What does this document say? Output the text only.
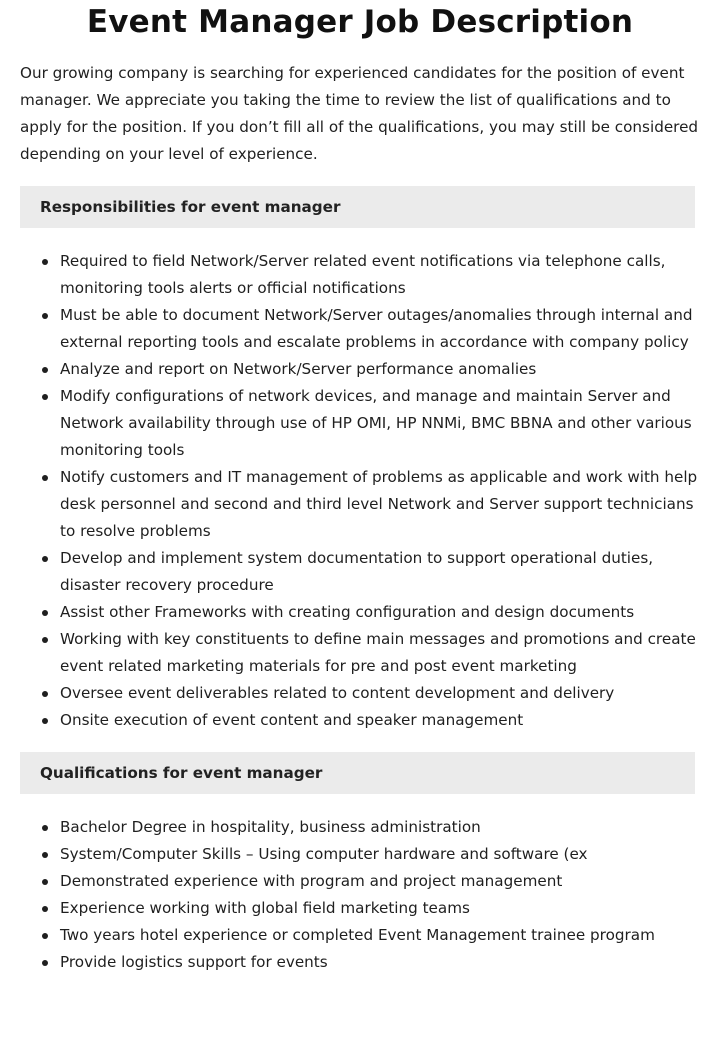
Event Manager Job Description

Our growing company is searching for experienced candidates for the position of event manager. We appreciate you taking the time to review the list of qualifications and to apply for the position. If you don’t fill all of the qualifications, you may still be considered depending on your level of experience.

Responsibilities for event manager
Required to field Network/Server related event notifications via telephone calls, monitoring tools alerts or official notifications
Must be able to document Network/Server outages/anomalies through internal and external reporting tools and escalate problems in accordance with company policy
Analyze and report on Network/Server performance anomalies
Modify configurations of network devices, and manage and maintain Server and Network availability through use of HP OMI, HP NNMi, BMC BBNA and other various monitoring tools
Notify customers and IT management of problems as applicable and work with help desk personnel and second and third level Network and Server support technicians to resolve problems
Develop and implement system documentation to support operational duties, disaster recovery procedure
Assist other Frameworks with creating configuration and design documents
Working with key constituents to define main messages and promotions and create event related marketing materials for pre and post event marketing
Oversee event deliverables related to content development and delivery
Onsite execution of event content and speaker management
Qualifications for event manager
Bachelor Degree in hospitality, business administration
System/Computer Skills – Using computer hardware and software (ex
Demonstrated experience with program and project management
Experience working with global field marketing teams
Two years hotel experience or completed Event Management trainee program
Provide logistics support for events
